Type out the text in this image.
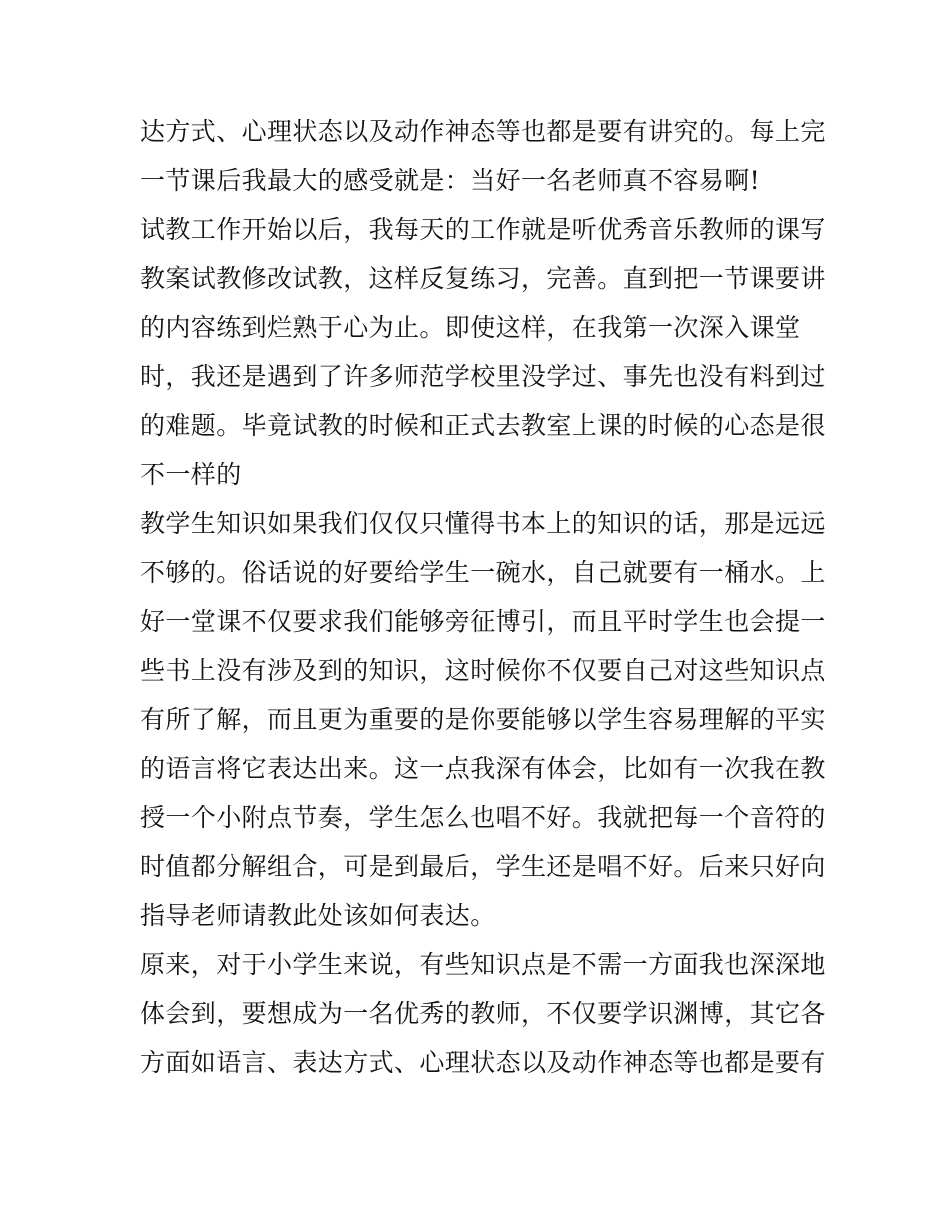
达方式、心理状态以及动作神态等也都是要有讲究的。每上完
一节课后我最大的感受就是：当好一名老师真不容易啊!
试教工作开始以后，我每天的工作就是听优秀音乐教师的课写
教案试教修改试教，这样反复练习，完善。直到把一节课要讲
的内容练到烂熟于心为止。即使这样，在我第一次深入课堂
时，我还是遇到了许多师范学校里没学过、事先也没有料到过
的难题。毕竟试教的时候和正式去教室上课的时候的心态是很
不一样的
教学生知识如果我们仅仅只懂得书本上的知识的话，那是远远
不够的。俗话说的好要给学生一碗水，自己就要有一桶水。上
好一堂课不仅要求我们能够旁征博引，而且平时学生也会提一
些书上没有涉及到的知识，这时候你不仅要自己对这些知识点
有所了解，而且更为重要的是你要能够以学生容易理解的平实
的语言将它表达出来。这一点我深有体会，比如有一次我在教
授一个小附点节奏，学生怎么也唱不好。我就把每一个音符的
时值都分解组合，可是到最后，学生还是唱不好。后来只好向
指导老师请教此处该如何表达。
原来，对于小学生来说，有些知识点是不需一方面我也深深地
体会到，要想成为一名优秀的教师，不仅要学识渊博，其它各
方面如语言、表达方式、心理状态以及动作神态等也都是要有
